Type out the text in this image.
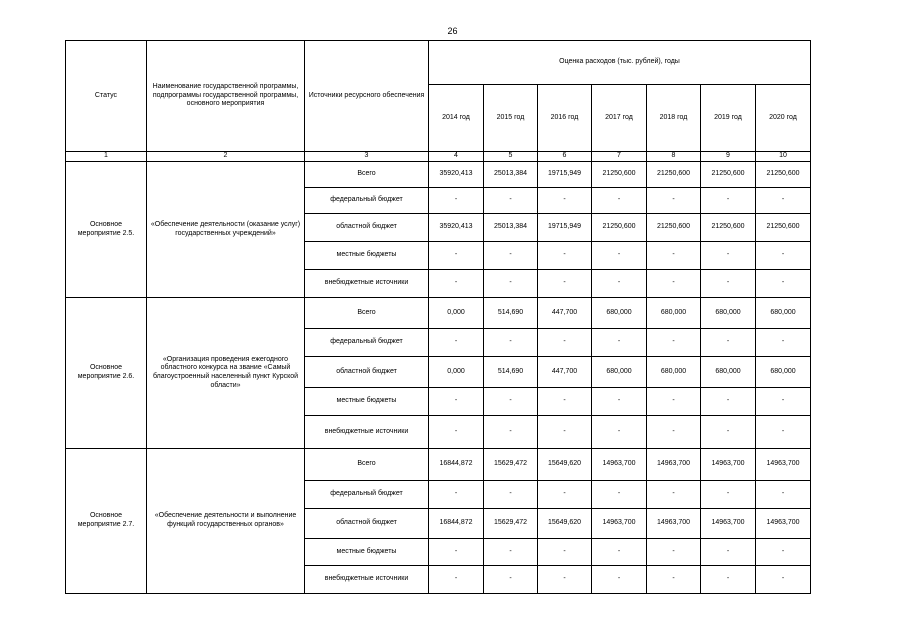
26
Статус	Наименование государственной программы, подпрограммы государственной программы, основного мероприятия	Источники ресурсного обеспечения	Оценка расходов (тыс. рублей), годы						
			2014 год	2015 год	2016 год	2017 год	2018 год	2019 год	2020 год
1	2	3	4	5	6	7	8	9	10
Основное мероприятие 2.5.	«Обеспечение деятельности (оказание услуг) государственных учреждений»	Всего	35920,413	25013,384	19715,949	21250,600	21250,600	21250,600	21250,600
		федеральный бюджет	-	-	-	-	-	-	-
		областной бюджет	35920,413	25013,384	19715,949	21250,600	21250,600	21250,600	21250,600
		местные бюджеты	-	-	-	-	-	-	-
		внебюджетные источники	-	-	-	-	-	-	-
Основное мероприятие 2.6.	«Организация проведения ежегодного областного конкурса на звание «Самый благоустроенный населенный пункт Курской области»	Всего	0,000	514,690	447,700	680,000	680,000	680,000	680,000
		федеральный бюджет	-	-	-	-	-	-	-
		областной бюджет	0,000	514,690	447,700	680,000	680,000	680,000	680,000
		местные бюджеты	-	-	-	-	-	-	-
		внебюджетные источники	-	-	-	-	-	-	-
Основное мероприятие 2.7.	«Обеспечение деятельности и выполнение функций государственных органов»	Всего	16844,872	15629,472	15649,620	14963,700	14963,700	14963,700	14963,700
		федеральный бюджет	-	-	-	-	-	-	-
		областной бюджет	16844,872	15629,472	15649,620	14963,700	14963,700	14963,700	14963,700
		местные бюджеты	-	-	-	-	-	-	-
		внебюджетные источники	-	-	-	-	-	-	-
